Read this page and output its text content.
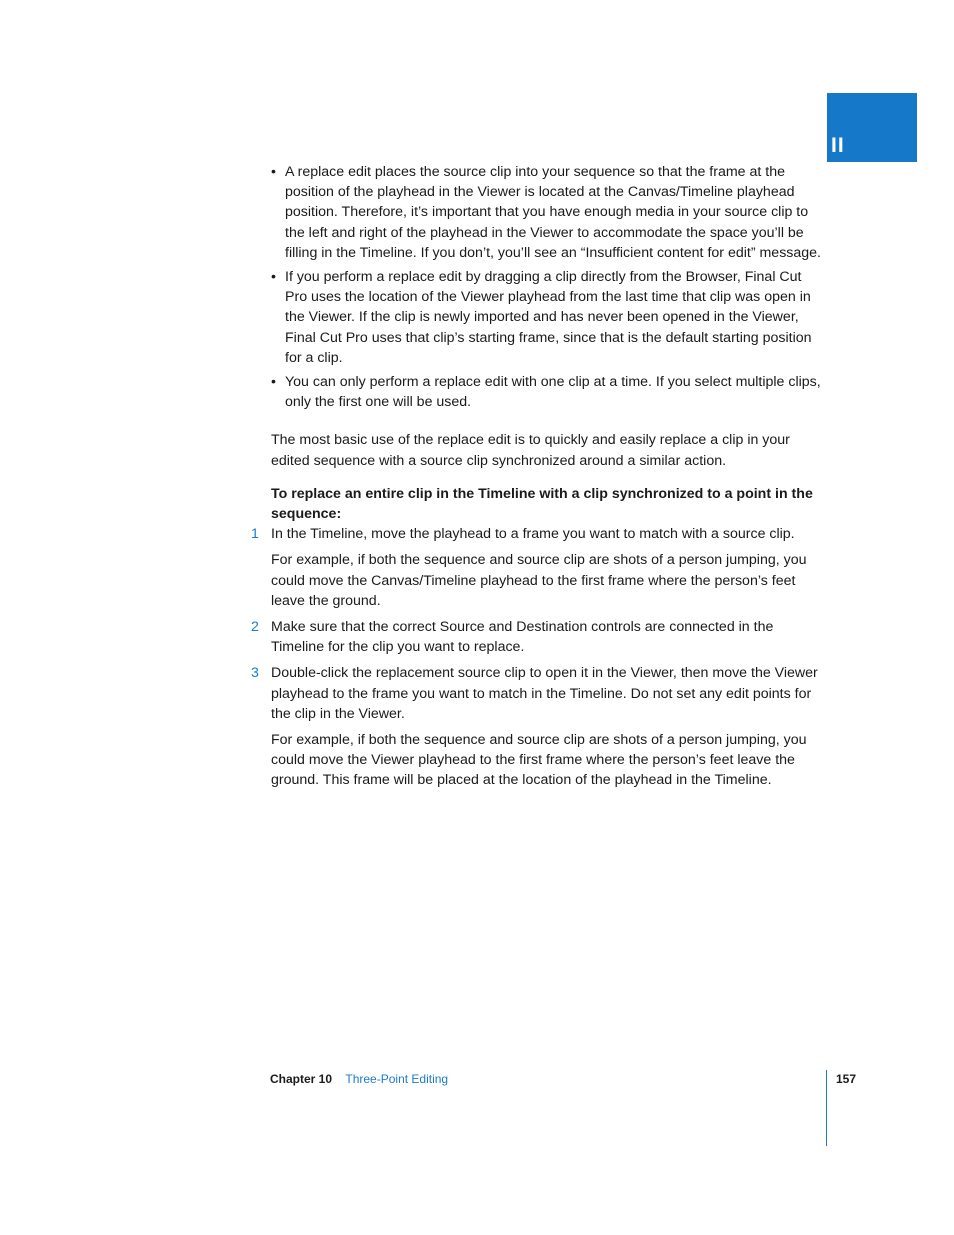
II
• A replace edit places the source clip into your sequence so that the frame at the position of the playhead in the Viewer is located at the Canvas/Timeline playhead position. Therefore, it’s important that you have enough media in your source clip to the left and right of the playhead in the Viewer to accommodate the space you’ll be filling in the Timeline. If you don’t, you’ll see an “Insufficient content for edit” message.
• If you perform a replace edit by dragging a clip directly from the Browser, Final Cut Pro uses the location of the Viewer playhead from the last time that clip was open in the Viewer. If the clip is newly imported and has never been opened in the Viewer, Final Cut Pro uses that clip’s starting frame, since that is the default starting position for a clip.
• You can only perform a replace edit with one clip at a time. If you select multiple clips, only the first one will be used.

The most basic use of the replace edit is to quickly and easily replace a clip in your edited sequence with a source clip synchronized around a similar action.

To replace an entire clip in the Timeline with a clip synchronized to a point in the sequence:

1 In the Timeline, move the playhead to a frame you want to match with a source clip.

For example, if both the sequence and source clip are shots of a person jumping, you could move the Canvas/Timeline playhead to the first frame where the person’s feet leave the ground.

2 Make sure that the correct Source and Destination controls are connected in the Timeline for the clip you want to replace.

3 Double-click the replacement source clip to open it in the Viewer, then move the Viewer playhead to the frame you want to match in the Timeline. Do not set any edit points for the clip in the Viewer.

For example, if both the sequence and source clip are shots of a person jumping, you could move the Viewer playhead to the first frame where the person’s feet leave the ground. This frame will be placed at the location of the playhead in the Timeline.

Chapter 10 Three-Point Editing	157
